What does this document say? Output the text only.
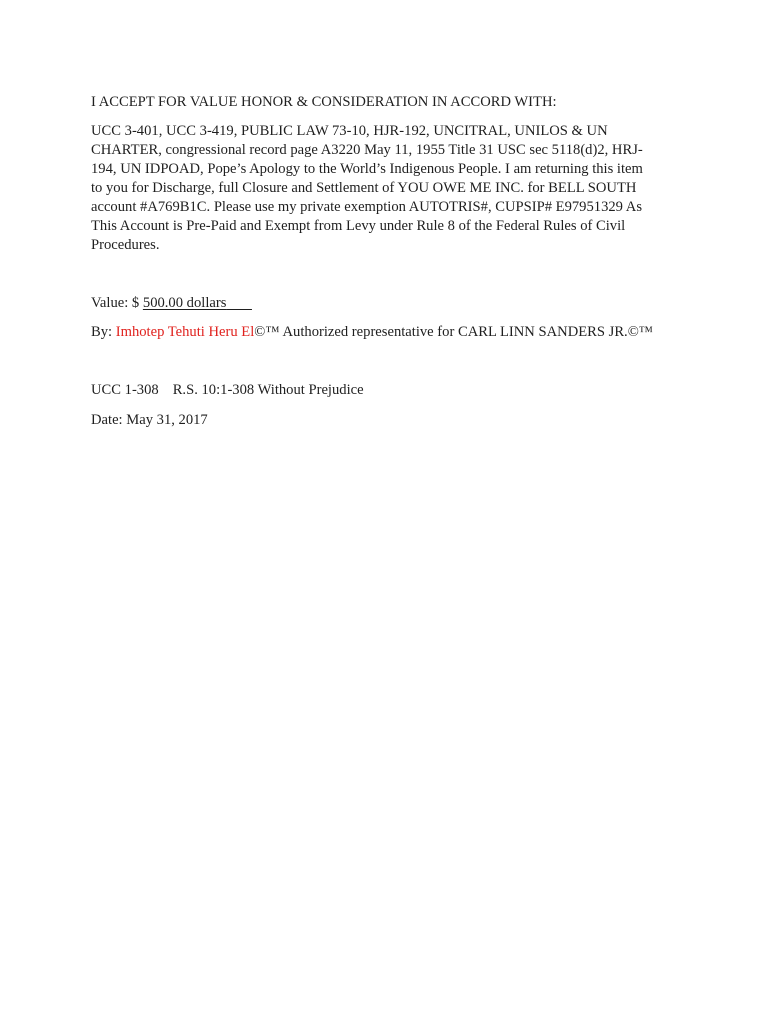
I ACCEPT FOR VALUE HONOR & CONSIDERATION IN ACCORD WITH:
UCC 3-401, UCC 3-419, PUBLIC LAW 73-10, HJR-192, UNCITRAL, UNILOS & UN
CHARTER, congressional record page A3220 May 11, 1955 Title 31 USC sec 5118(d)2, HRJ-
194, UN IDPOAD, Pope’s Apology to the World’s Indigenous People. I am returning this item
to you for Discharge, full Closure and Settlement of YOU OWE ME INC. for BELL SOUTH
account #A769B1C. Please use my private exemption AUTOTRIS#, CUPSIP# E97951329 As
This Account is Pre-Paid and Exempt from Levy under Rule 8 of the Federal Rules of Civil
Procedures.
Value: $ 500.00 dollars
By: Imhotep Tehuti Heru El©™ Authorized representative for CARL LINN SANDERS JR.©™
UCC 1-308 R.S. 10:1-308 Without Prejudice
Date: May 31, 2017
